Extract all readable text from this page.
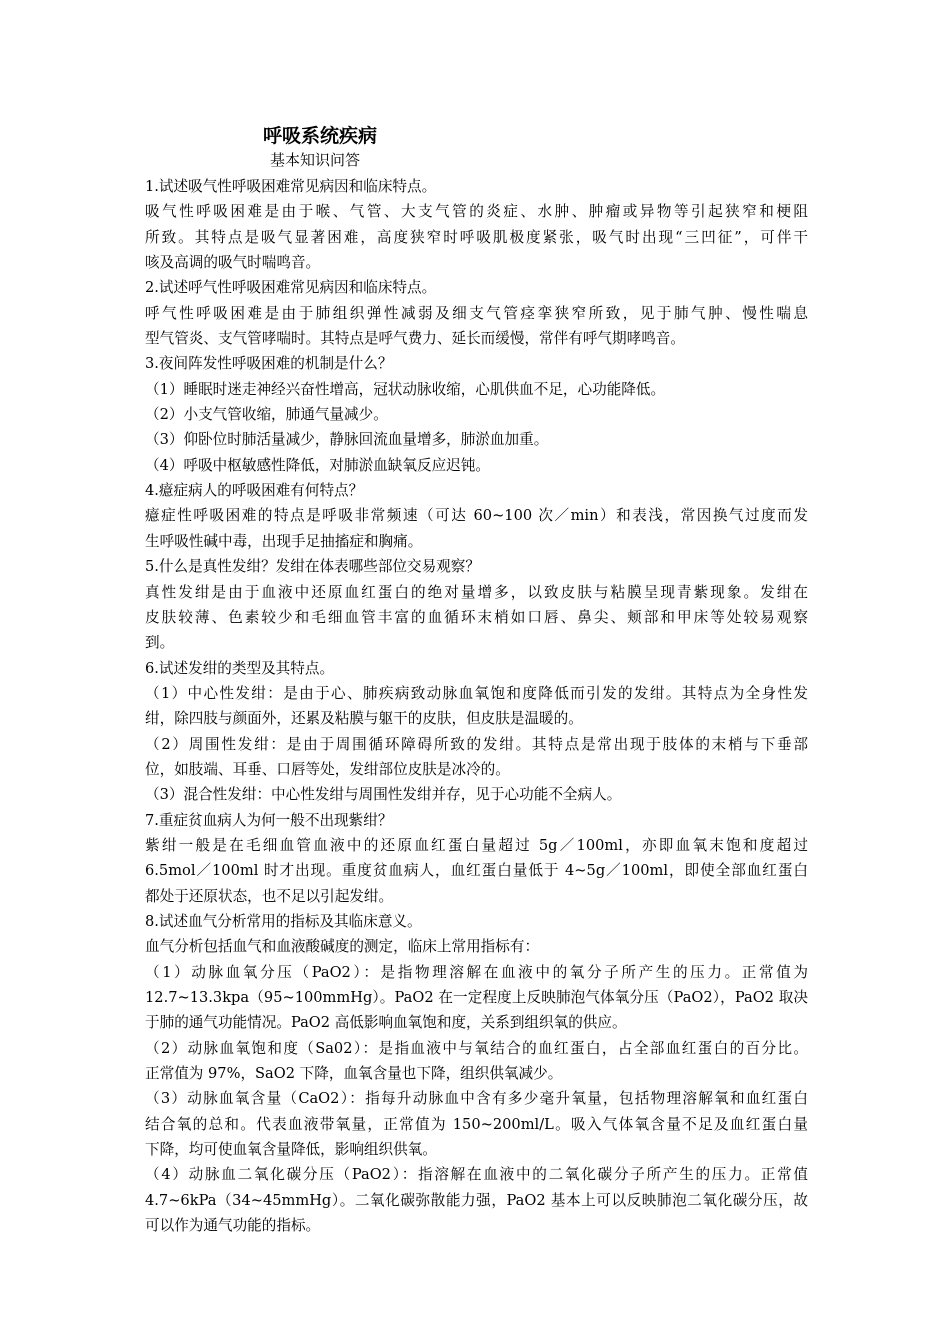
呼吸系统疾病
基本知识问答
1.试述吸气性呼吸困难常见病因和临床特点。
吸气性呼吸困难是由于喉、气管、大支气管的炎症、水肿、肿瘤或异物等引起狭窄和梗阻
所致。其特点是吸气显著困难，高度狭窄时呼吸肌极度紧张，吸气时出现“三凹征”，可伴干
咳及高调的吸气时喘鸣音。
2.试述呼气性呼吸困难常见病因和临床特点。
呼气性呼吸困难是由于肺组织弹性减弱及细支气管痉挛狭窄所致，见于肺气肿、慢性喘息
型气管炎、支气管哮喘时。其特点是呼气费力、延长而缓慢，常伴有呼气期哮鸣音。
3.夜间阵发性呼吸困难的机制是什么？
（1）睡眠时迷走神经兴奋性增高，冠状动脉收缩，心肌供血不足，心功能降低。
（2）小支气管收缩，肺通气量减少。
（3）仰卧位时肺活量减少，静脉回流血量增多，肺淤血加重。
（4）呼吸中枢敏感性降低，对肺淤血缺氧反应迟钝。
4.癔症病人的呼吸困难有何特点？
癔症性呼吸困难的特点是呼吸非常频速（可达 60~100 次／min）和表浅，常因换气过度而发
生呼吸性碱中毒，出现手足抽搐症和胸痛。
5.什么是真性发绀？发绀在体表哪些部位交易观察？
真性发绀是由于血液中还原血红蛋白的绝对量增多，以致皮肤与粘膜呈现青紫现象。发绀在
皮肤较薄、色素较少和毛细血管丰富的血循环末梢如口唇、鼻尖、颊部和甲床等处较易观察
到。
6.试述发绀的类型及其特点。
（1）中心性发绀：是由于心、肺疾病致动脉血氧饱和度降低而引发的发绀。其特点为全身性发
绀，除四肢与颜面外，还累及粘膜与躯干的皮肤，但皮肤是温暖的。
（2）周围性发绀：是由于周围循环障碍所致的发绀。其特点是常出现于肢体的末梢与下垂部
位，如肢端、耳垂、口唇等处，发绀部位皮肤是冰冷的。
（3）混合性发绀：中心性发绀与周围性发绀并存，见于心功能不全病人。
7.重症贫血病人为何一般不出现紫绀？
紫绀一般是在毛细血管血液中的还原血红蛋白量超过 5g／100ml，亦即血氧末饱和度超过
6.5mol／100ml 时才出现。重度贫血病人，血红蛋白量低于 4~5g／100ml，即使全部血红蛋白
都处于还原状态，也不足以引起发绀。
8.试述血气分析常用的指标及其临床意义。
血气分析包括血气和血液酸碱度的测定，临床上常用指标有：
（1）动脉血氧分压（PaO2）：是指物理溶解在血液中的氧分子所产生的压力。正常值为
12.7~13.3kpa（95~100mmHg）。PaO2 在一定程度上反映肺泡气体氧分压（PaO2），PaO2 取决
于肺的通气功能情况。PaO2 高低影响血氧饱和度，关系到组织氧的供应。
（2）动脉血氧饱和度（Sa02）：是指血液中与氧结合的血红蛋白，占全部血红蛋白的百分比。
正常值为 97%，SaO2 下降，血氧含量也下降，组织供氧减少。
（3）动脉血氧含量（CaO2）：指每升动脉血中含有多少毫升氧量，包括物理溶解氧和血红蛋白
结合氧的总和。代表血液带氧量，正常值为 150~200ml/L。吸入气体氧含量不足及血红蛋白量
下降，均可使血氧含量降低，影响组织供氧。
（4）动脉血二氧化碳分压（PaO2）：指溶解在血液中的二氧化碳分子所产生的压力。正常值
4.7~6kPa（34~45mmHg）。二氧化碳弥散能力强，PaO2 基本上可以反映肺泡二氧化碳分压，故
可以作为通气功能的指标。
